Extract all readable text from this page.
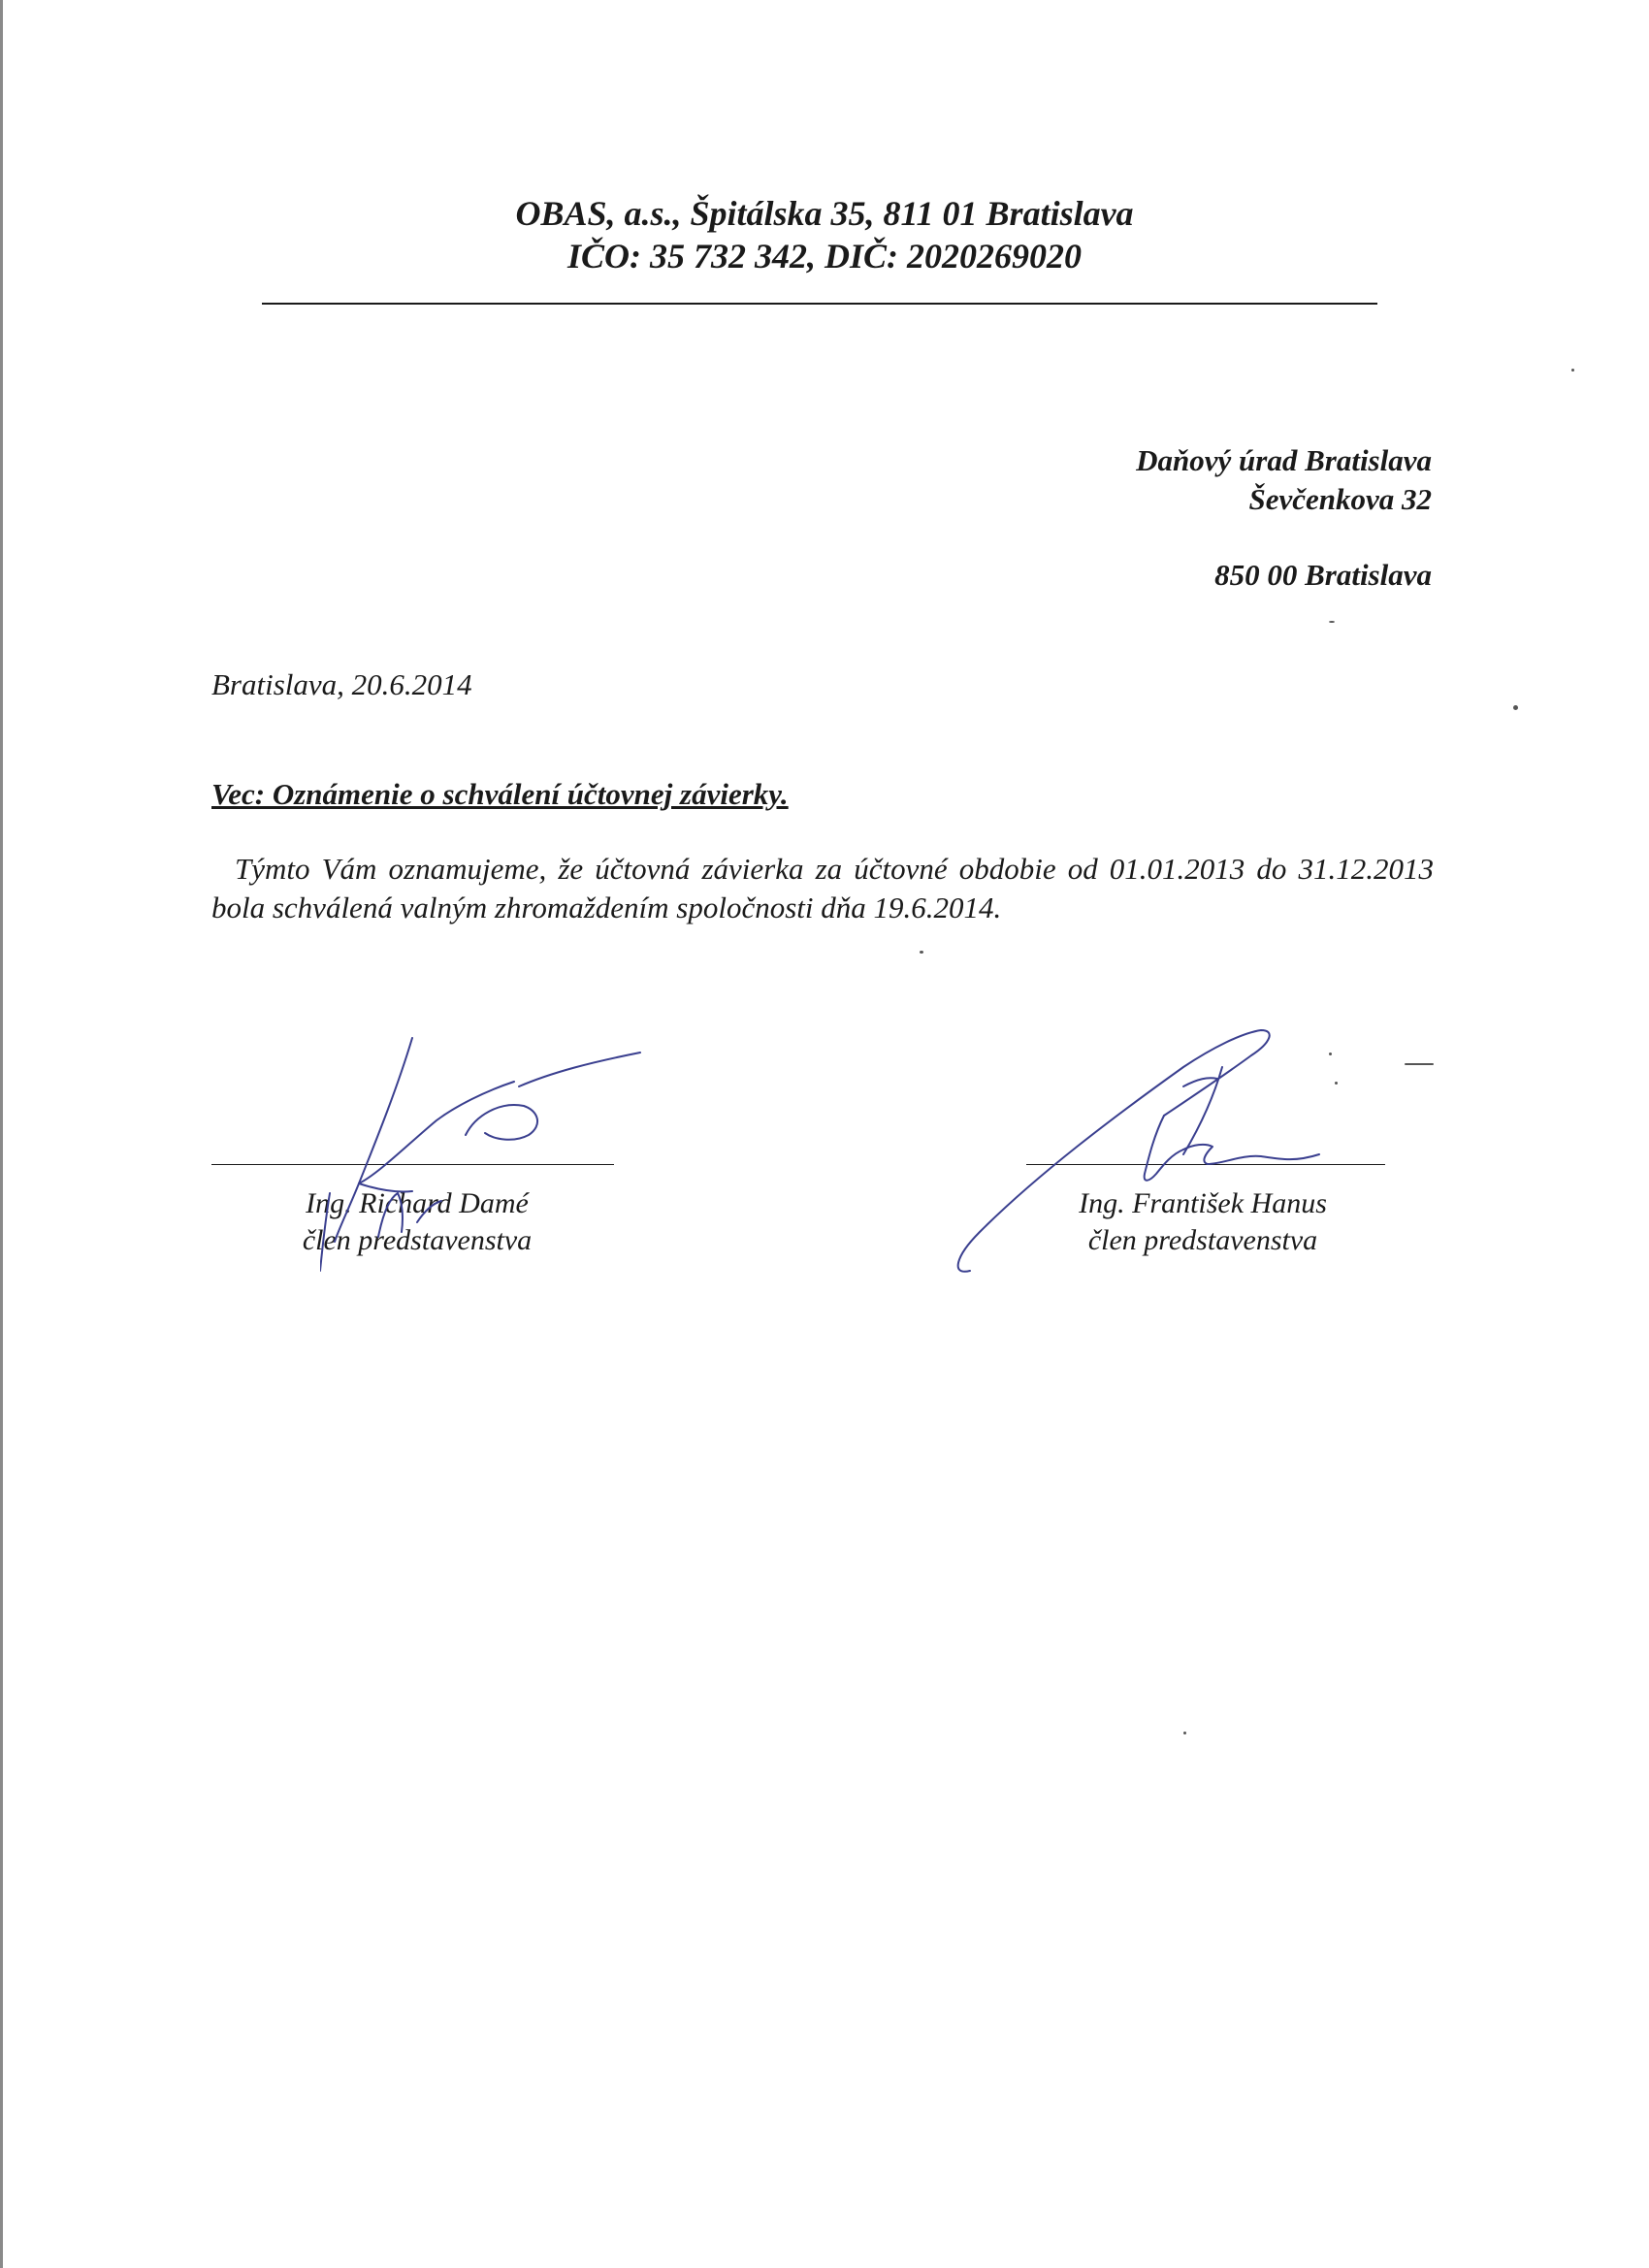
OBAS, a.s., Špitálska 35, 811 01 Bratislava
IČO: 35 732 342, DIČ: 2020269020
Daňový úrad Bratislava
Ševčenkova 32
850 00 Bratislava
Bratislava, 20.6.2014
Vec: Oznámenie o schválení účtovnej závierky.
Týmto Vám oznamujeme, že účtovná závierka za účtovné obdobie od 01.01.2013 do 31.12.2013 bola schválená valným zhromaždením spoločnosti dňa 19.6.2014.
Ing. Richard Damé
člen predstavenstva
Ing. František Hanus
člen predstavenstva
